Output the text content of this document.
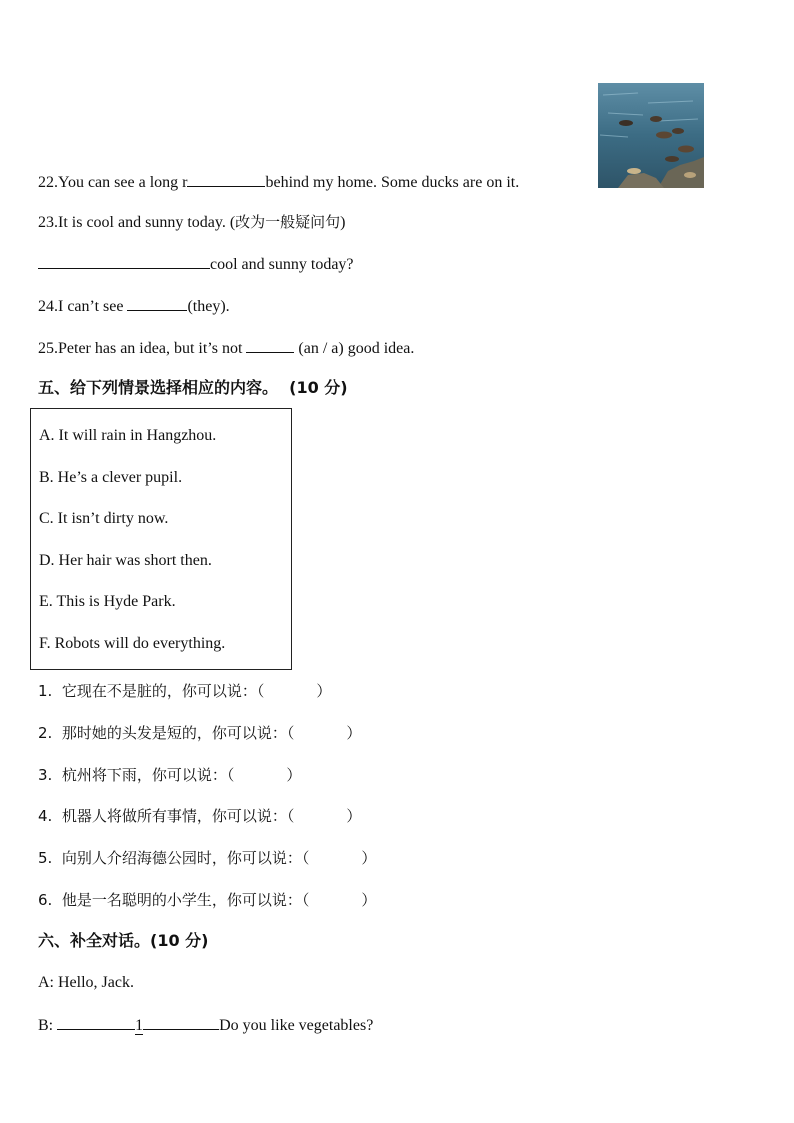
22.You can see a long r	behind my home. Some ducks are on it.
23.It is cool and sunny today. (改为一般疑问句)
cool and sunny today?
24.I can’t see	(they).
25.Peter has an idea, but it’s not	(an / a) good idea.
五、给下列情景选择相应的内容。 (10 分)
A. It will rain in Hangzhou.
B. He’s a clever pupil.
C. It isn’t dirty now.
D. Her hair was short then.
E. This is Hyde Park.
F. Robots will do everything.
1. 它现在不是脏的，你可以说：（	）
2. 那时她的头发是短的，你可以说：（	）
3. 杭州将下雨，你可以说：（	）
4. 机器人将做所有事情，你可以说：（	）
5. 向别人介绍海德公园时，你可以说：（	）
6. 他是一名聪明的小学生，你可以说：（	）
六、补全对话。(10 分)
A: Hello, Jack.
B:	1	Do you like vegetables?
